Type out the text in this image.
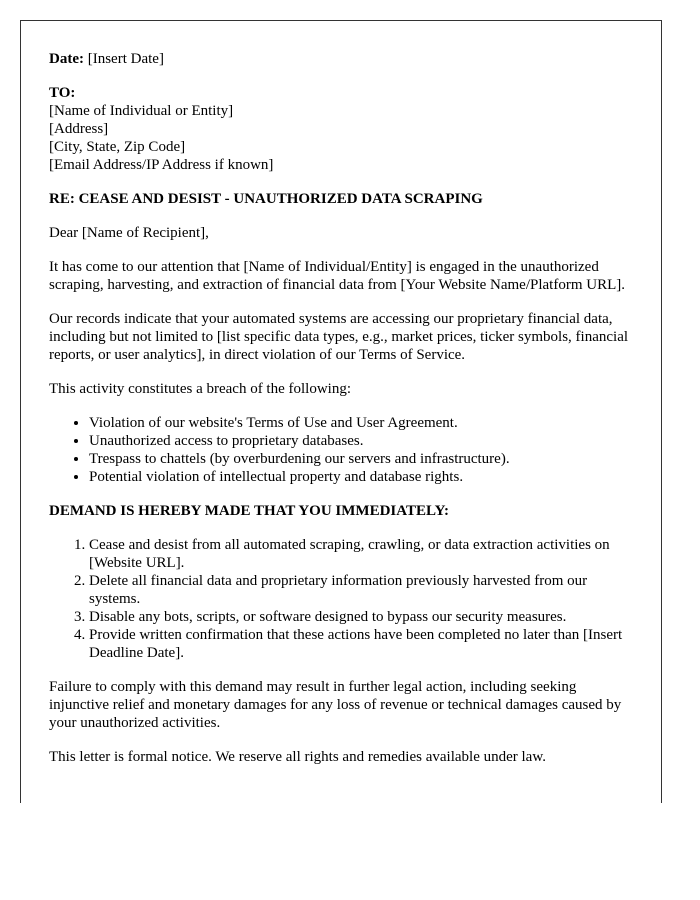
Date: [Insert Date]

TO:
[Name of Individual or Entity]
[Address]
[City, State, Zip Code]
[Email Address/IP Address if known]

RE: CEASE AND DESIST - UNAUTHORIZED DATA SCRAPING

Dear [Name of Recipient],

It has come to our attention that [Name of Individual/Entity] is engaged in the unauthorized scraping, harvesting, and extraction of financial data from [Your Website Name/Platform URL].

Our records indicate that your automated systems are accessing our proprietary financial data, including but not limited to [list specific data types, e.g., market prices, ticker symbols, financial reports, or user analytics], in direct violation of our Terms of Service.

This activity constitutes a breach of the following:

• Violation of our website's Terms of Use and User Agreement.
• Unauthorized access to proprietary databases.
• Trespass to chattels (by overburdening our servers and infrastructure).
• Potential violation of intellectual property and database rights.

DEMAND IS HEREBY MADE THAT YOU IMMEDIATELY:

1. Cease and desist from all automated scraping, crawling, or data extraction activities on [Website URL].
2. Delete all financial data and proprietary information previously harvested from our systems.
3. Disable any bots, scripts, or software designed to bypass our security measures.
4. Provide written confirmation that these actions have been completed no later than [Insert Deadline Date].

Failure to comply with this demand may result in further legal action, including seeking injunctive relief and monetary damages for any loss of revenue or technical damages caused by your unauthorized activities.

This letter is formal notice. We reserve all rights and remedies available under law.
